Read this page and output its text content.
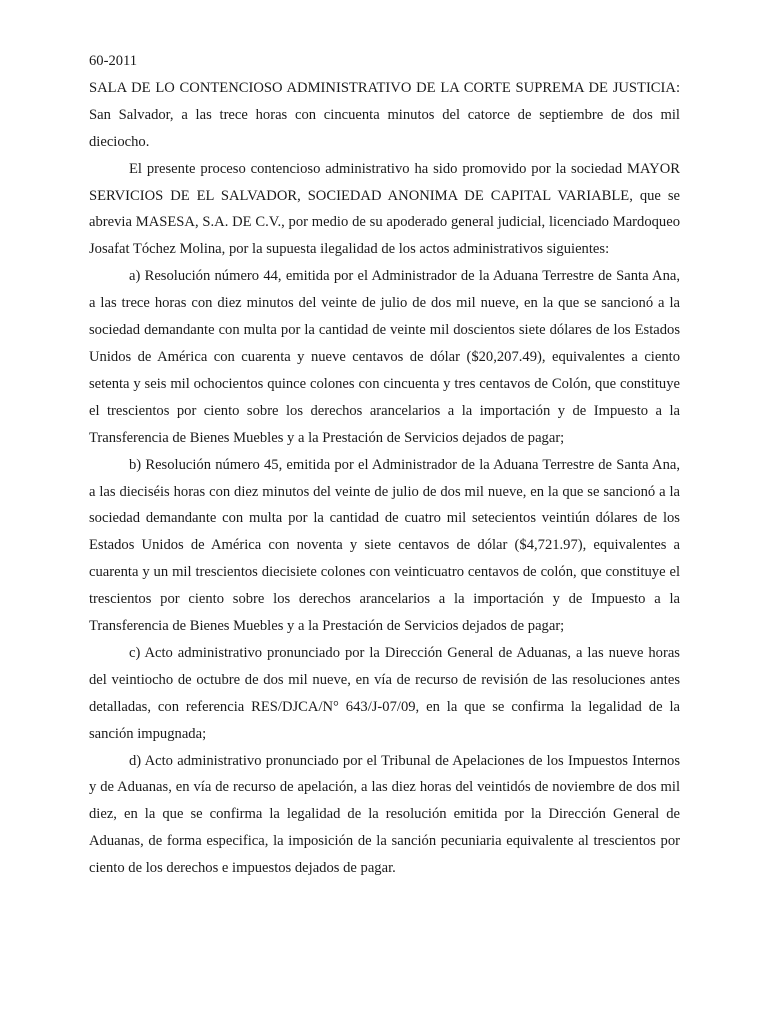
60-2011

SALA DE LO CONTENCIOSO ADMINISTRATIVO DE LA CORTE SUPREMA DE JUSTICIA: San Salvador, a las trece horas con cincuenta minutos del catorce de septiembre de dos mil dieciocho.

El presente proceso contencioso administrativo ha sido promovido por la sociedad MAYOR SERVICIOS DE EL SALVADOR, SOCIEDAD ANONIMA DE CAPITAL VARIABLE, que se abrevia MASESA, S.A. DE C.V., por medio de su apoderado general judicial, licenciado Mardoqueo Josafat Tóchez Molina, por la supuesta ilegalidad de los actos administrativos siguientes:

a) Resolución número 44, emitida por el Administrador de la Aduana Terrestre de Santa Ana, a las trece horas con diez minutos del veinte de julio de dos mil nueve, en la que se sancionó a la sociedad demandante con multa por la cantidad de veinte mil doscientos siete dólares de los Estados Unidos de América con cuarenta y nueve centavos de dólar ($20,207.49), equivalentes a ciento setenta y seis mil ochocientos quince colones con cincuenta y tres centavos de Colón, que constituye el trescientos por ciento sobre los derechos arancelarios a la importación y de Impuesto a la Transferencia de Bienes Muebles y a la Prestación de Servicios dejados de pagar;

b) Resolución número 45, emitida por el Administrador de la Aduana Terrestre de Santa Ana, a las dieciséis horas con diez minutos del veinte de julio de dos mil nueve, en la que se sancionó a la sociedad demandante con multa por la cantidad de cuatro mil setecientos veintiún dólares de los Estados Unidos de América con noventa y siete centavos de dólar ($4,721.97), equivalentes a cuarenta y un mil trescientos diecisiete colones con veinticuatro centavos de colón, que constituye el trescientos por ciento sobre los derechos arancelarios a la importación y de Impuesto a la Transferencia de Bienes Muebles y a la Prestación de Servicios dejados de pagar;

c) Acto administrativo pronunciado por la Dirección General de Aduanas, a las nueve horas del veintiocho de octubre de dos mil nueve, en vía de recurso de revisión de las resoluciones antes detalladas, con referencia RES/DJCA/N° 643/J-07/09, en la que se confirma la legalidad de la sanción impugnada;

d) Acto administrativo pronunciado por el Tribunal de Apelaciones de los Impuestos Internos y de Aduanas, en vía de recurso de apelación, a las diez horas del veintidós de noviembre de dos mil diez, en la que se confirma la legalidad de la resolución emitida por la Dirección General de Aduanas, de forma especifica, la imposición de la sanción pecuniaria equivalente al trescientos por ciento de los derechos e impuestos dejados de pagar.
